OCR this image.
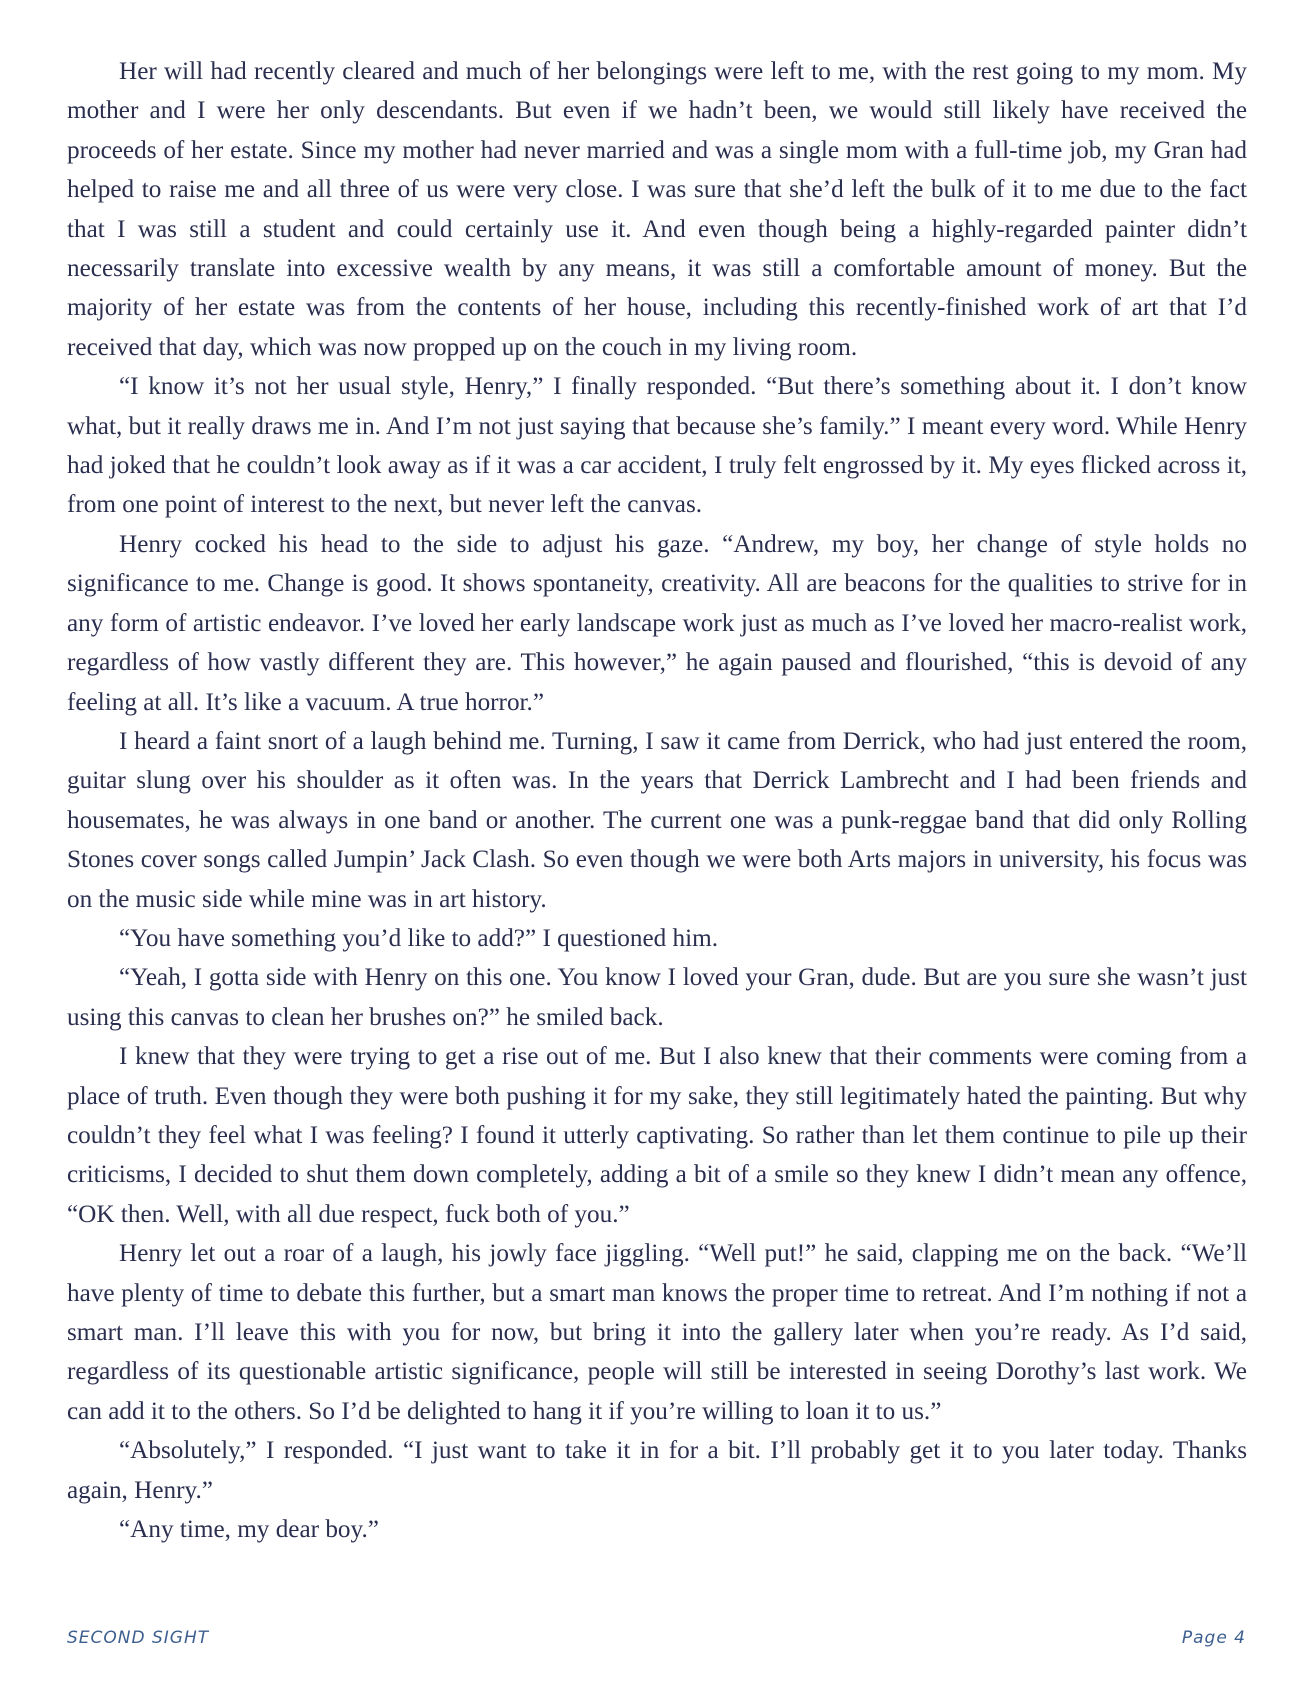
Her will had recently cleared and much of her belongings were left to me, with the rest going to my mom. My mother and I were her only descendants. But even if we hadn’t been, we would still likely have received the proceeds of her estate. Since my mother had never married and was a single mom with a full-time job, my Gran had helped to raise me and all three of us were very close. I was sure that she’d left the bulk of it to me due to the fact that I was still a student and could certainly use it. And even though being a highly-regarded painter didn’t necessarily translate into excessive wealth by any means, it was still a comfortable amount of money. But the majority of her estate was from the contents of her house, including this recently-finished work of art that I’d received that day, which was now propped up on the couch in my living room.

“I know it’s not her usual style, Henry,” I finally responded. “But there’s something about it. I don’t know what, but it really draws me in. And I’m not just saying that because she’s family.” I meant every word. While Henry had joked that he couldn’t look away as if it was a car accident, I truly felt engrossed by it. My eyes flicked across it, from one point of interest to the next, but never left the canvas.

Henry cocked his head to the side to adjust his gaze. “Andrew, my boy, her change of style holds no significance to me. Change is good. It shows spontaneity, creativity. All are beacons for the qualities to strive for in any form of artistic endeavor. I’ve loved her early landscape work just as much as I’ve loved her macro-realist work, regardless of how vastly different they are. This however,” he again paused and flourished, “this is devoid of any feeling at all. It’s like a vacuum. A true horror.”

I heard a faint snort of a laugh behind me. Turning, I saw it came from Derrick, who had just entered the room, guitar slung over his shoulder as it often was. In the years that Derrick Lambrecht and I had been friends and housemates, he was always in one band or another. The current one was a punk-reggae band that did only Rolling Stones cover songs called Jumpin’ Jack Clash. So even though we were both Arts majors in university, his focus was on the music side while mine was in art history.

“You have something you’d like to add?” I questioned him.

“Yeah, I gotta side with Henry on this one. You know I loved your Gran, dude. But are you sure she wasn’t just using this canvas to clean her brushes on?” he smiled back.

I knew that they were trying to get a rise out of me. But I also knew that their comments were coming from a place of truth. Even though they were both pushing it for my sake, they still legitimately hated the painting. But why couldn’t they feel what I was feeling? I found it utterly captivating. So rather than let them continue to pile up their criticisms, I decided to shut them down completely, adding a bit of a smile so they knew I didn’t mean any offence, “OK then. Well, with all due respect, fuck both of you.”

Henry let out a roar of a laugh, his jowly face jiggling. “Well put!” he said, clapping me on the back. “We’ll have plenty of time to debate this further, but a smart man knows the proper time to retreat. And I’m nothing if not a smart man. I’ll leave this with you for now, but bring it into the gallery later when you’re ready. As I’d said, regardless of its questionable artistic significance, people will still be interested in seeing Dorothy’s last work. We can add it to the others. So I’d be delighted to hang it if you’re willing to loan it to us.”

“Absolutely,” I responded. “I just want to take it in for a bit. I’ll probably get it to you later today. Thanks again, Henry.”

“Any time, my dear boy.”

SECOND SIGHT	Page 4
